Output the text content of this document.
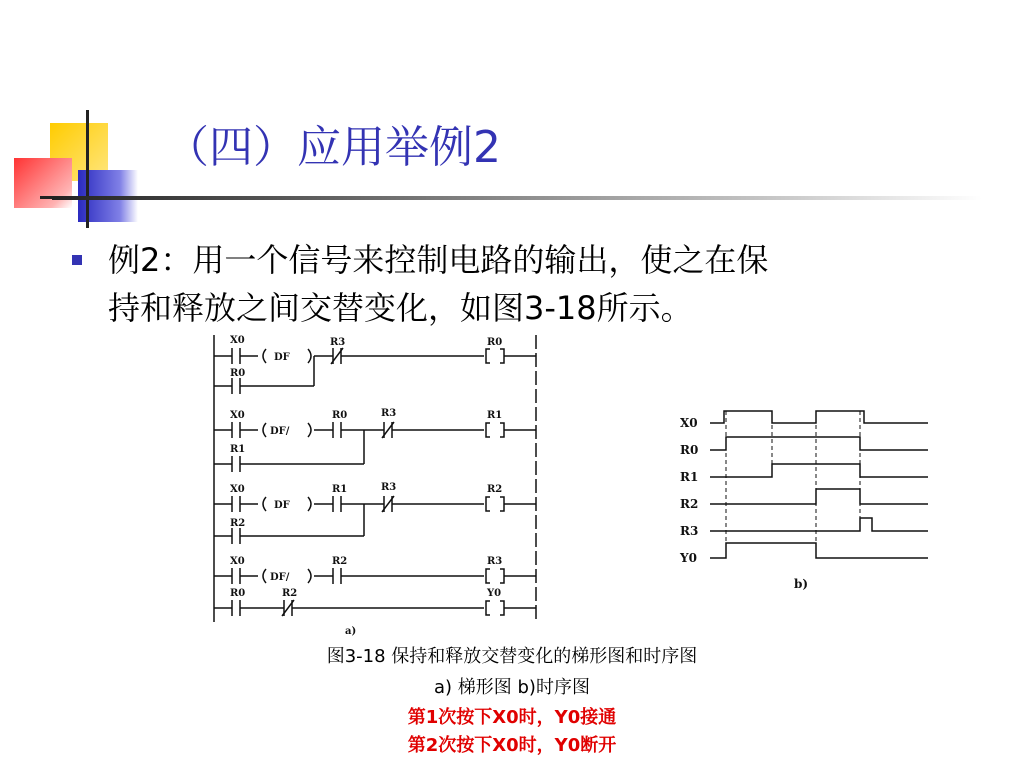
（四）应用举例2
例2：用一个信号来控制电路的输出，使之在保
持和释放之间交替变化，如图3-18所示。
X0
DF
R3	R0
R0
X0
DF/
R0	R3	R1
R1
X0
DF
R1	R3	R2
R2
X0
DF/
R2	R3
R0	R2	Y0
a)
X0
R0
R1
R2
R3
Y0
b)
图3-18 保持和释放交替变化的梯形图和时序图
a) 梯形图 b)时序图
第1次按下X0时，Y0接通
第2次按下X0时，Y0断开
